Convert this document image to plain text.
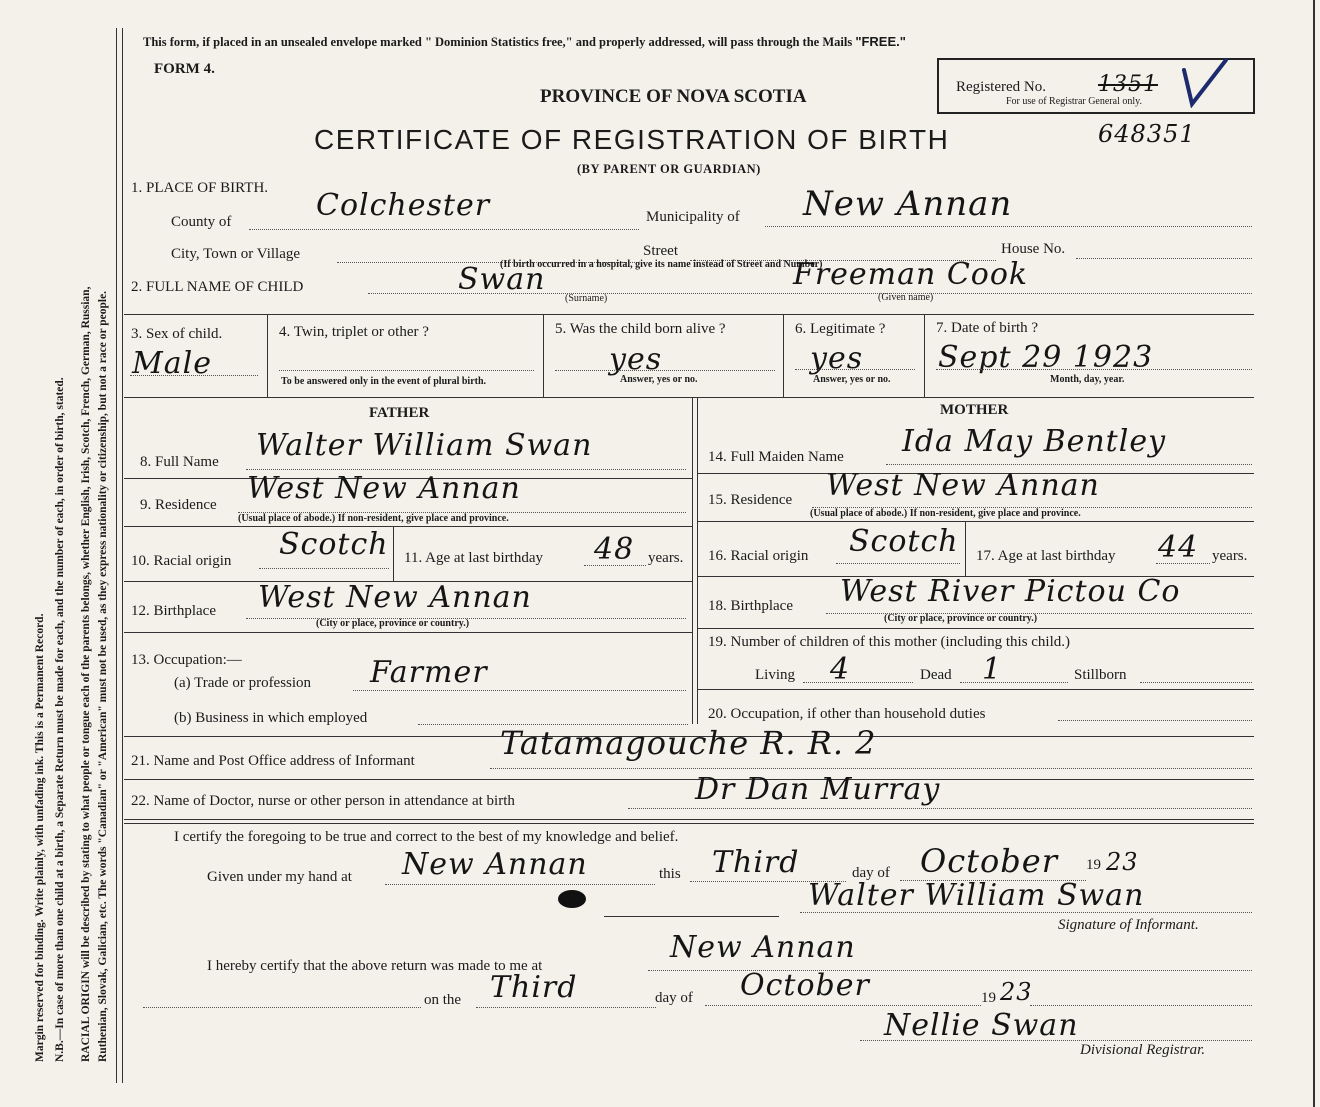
Margin reserved for binding. Write plainly, with unfading ink. This is a Permanent Record. N.B.—In case of more than one child at a birth, a Separate Return must be made for each, and the number of each, in order of birth, stated. RACIAL ORIGIN will be described by stating to what people or tongue each of the parents belongs, whether English, Irish, Scotch, French, German, Russian, Ruthenian, Slovak, Galician, etc. The words "Canadian" or "American" must not be used, as they express nationality or citizenship, but not a race or people.
This form, if placed in an unsealed envelope marked " Dominion Statistics free," and properly addressed, will pass through the Mails "FREE."
FORM 4.
PROVINCE OF NOVA SCOTIA
CERTIFICATE OF REGISTRATION OF BIRTH
(BY PARENT OR GUARDIAN)
Registered No. 1351
For use of Registrar General only.
648351
1. PLACE OF BIRTH.
County of	Colchester	Municipality of New Annan
City, Town or Village	Street	House No.
(If birth occurred in a hospital, give its name instead of Street and Number)
2. FULL NAME OF CHILD	Swan
(Surname)
Freeman Cook
(Given name)
3. Sex of child.
Male
4. Twin, triplet or other ?
To be answered only in the event of plural birth.
5. Was the child born alive ?
yes
Answer, yes or no.
6. Legitimate ?
yes
Answer, yes or no.
7. Date of birth ?
Sept 29 1923
Month, day, year.
FATHER	MOTHER
8. Full Name Walter William Swan
9. Residence West New Annan
(Usual place of abode.) If non-resident, give place and province.
10. Racial origin Scotch 11. Age at last birthday 48 years.
12. Birthplace West New Annan
(City or place, province or country.)
13. Occupation:—
(a) Trade or profession Farmer
(b) Business in which employed
14. Full Maiden Name Ida May Bentley
15. Residence West New Annan
(Usual place of abode.) If non-resident, give place and province.
16. Racial origin Scotch 17. Age at last birthday 44 years.
18. Birthplace West River Pictou Co
(City or place, province or country.)
19. Number of children of this mother (including this child.)
Living 4	Dead 1	Stillborn
20. Occupation, if other than household duties
21. Name and Post Office address of Informant	Tatamagouche R. R. 2
22. Name of Doctor, nurse or other person in attendance at birth	Dr Dan Murray
I certify the foregoing to be true and correct to the best of my knowledge and belief.
Given under my hand at New Annan	this Third	day of October 19 23
Walter William Swan
Signature of Informant.
I hereby certify that the above return was made to me at
New Annan
on the Third	day of October	19 23
Nellie Swan
Divisional Registrar.
